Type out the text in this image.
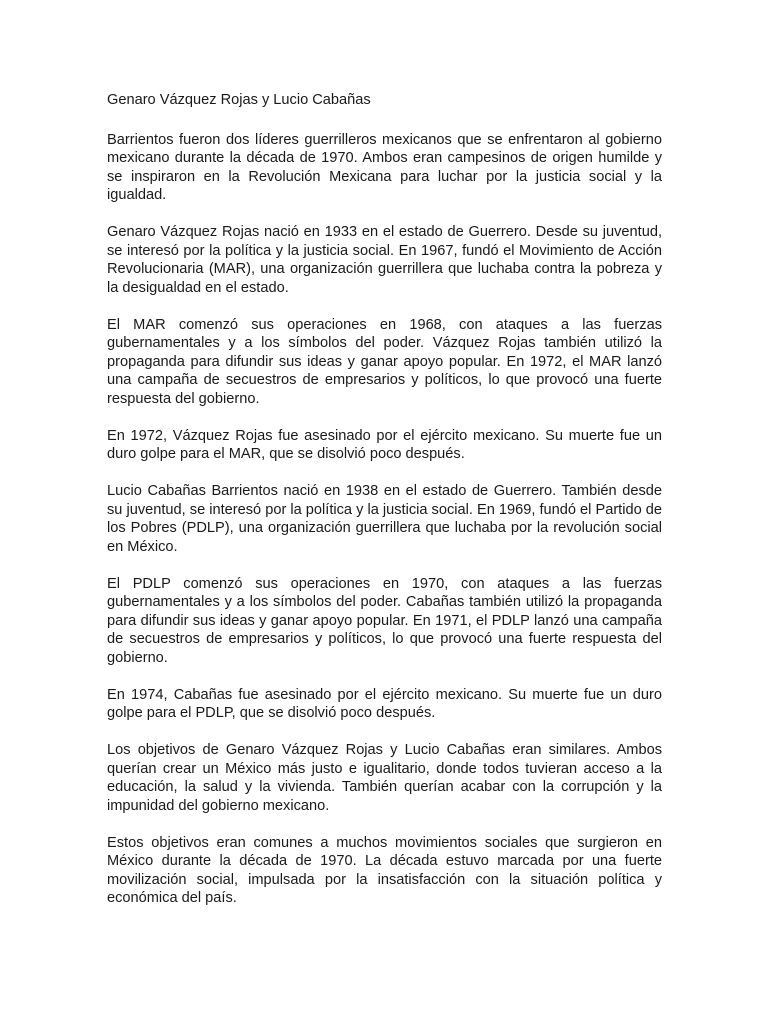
Genaro Vázquez Rojas y Lucio Cabañas

Barrientos fueron dos líderes guerrilleros mexicanos que se enfrentaron al gobierno mexicano durante la década de 1970. Ambos eran campesinos de origen humilde y se inspiraron en la Revolución Mexicana para luchar por la justicia social y la igualdad.

Genaro Vázquez Rojas nació en 1933 en el estado de Guerrero. Desde su juventud, se interesó por la política y la justicia social. En 1967, fundó el Movimiento de Acción Revolucionaria (MAR), una organización guerrillera que luchaba contra la pobreza y la desigualdad en el estado.

El MAR comenzó sus operaciones en 1968, con ataques a las fuerzas gubernamentales y a los símbolos del poder. Vázquez Rojas también utilizó la propaganda para difundir sus ideas y ganar apoyo popular. En 1972, el MAR lanzó una campaña de secuestros de empresarios y políticos, lo que provocó una fuerte respuesta del gobierno.

En 1972, Vázquez Rojas fue asesinado por el ejército mexicano. Su muerte fue un duro golpe para el MAR, que se disolvió poco después.

Lucio Cabañas Barrientos nació en 1938 en el estado de Guerrero. También desde su juventud, se interesó por la política y la justicia social. En 1969, fundó el Partido de los Pobres (PDLP), una organización guerrillera que luchaba por la revolución social en México.

El PDLP comenzó sus operaciones en 1970, con ataques a las fuerzas gubernamentales y a los símbolos del poder. Cabañas también utilizó la propaganda para difundir sus ideas y ganar apoyo popular. En 1971, el PDLP lanzó una campaña de secuestros de empresarios y políticos, lo que provocó una fuerte respuesta del gobierno.

En 1974, Cabañas fue asesinado por el ejército mexicano. Su muerte fue un duro golpe para el PDLP, que se disolvió poco después.

Los objetivos de Genaro Vázquez Rojas y Lucio Cabañas eran similares. Ambos querían crear un México más justo e igualitario, donde todos tuvieran acceso a la educación, la salud y la vivienda. También querían acabar con la corrupción y la impunidad del gobierno mexicano.

Estos objetivos eran comunes a muchos movimientos sociales que surgieron en México durante la década de 1970. La década estuvo marcada por una fuerte movilización social, impulsada por la insatisfacción con la situación política y económica del país.
